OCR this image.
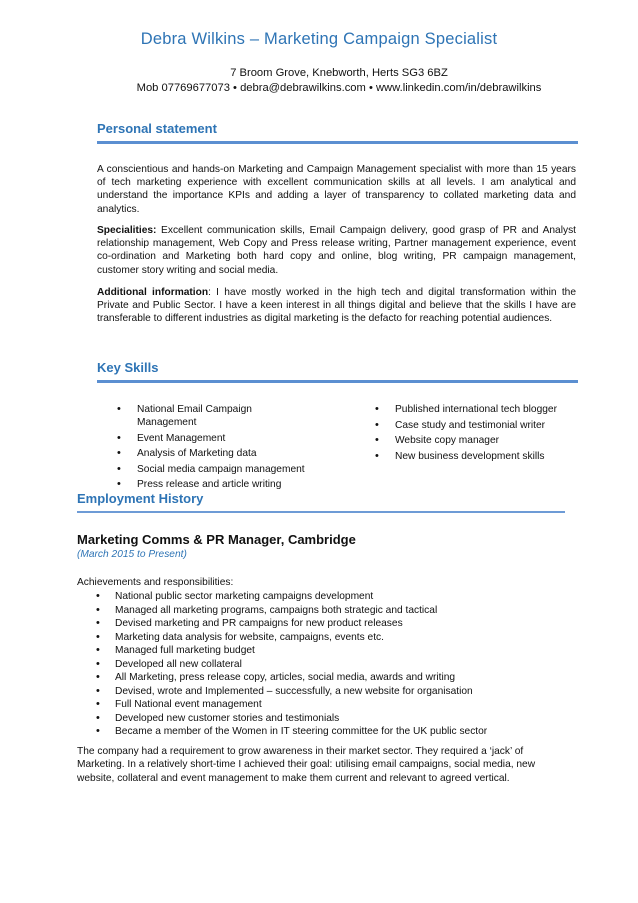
Debra Wilkins – Marketing Campaign Specialist
7 Broom Grove, Knebworth, Herts SG3 6BZ
Mob 07769677073 • debra@debrawilkins.com • www.linkedin.com/in/debrawilkins
Personal statement
A conscientious and hands-on Marketing and Campaign Management specialist with more than 15 years of tech marketing experience with excellent communication skills at all levels. I am analytical and understand the importance KPIs and adding a layer of transparency to collated marketing data and analytics.
Specialities: Excellent communication skills, Email Campaign delivery, good grasp of PR and Analyst relationship management, Web Copy and Press release writing, Partner management experience, event co-ordination and Marketing both hard copy and online, blog writing, PR campaign management, customer story writing and social media.
Additional information: I have mostly worked in the high tech and digital transformation within the Private and Public Sector. I have a keen interest in all things digital and believe that the skills I have are transferable to different industries as digital marketing is the defacto for reaching potential audiences.
Key Skills
• National Email Campaign Management
• Event Management
• Analysis of Marketing data
• Social media campaign management
• Press release and article writing
• Published international tech blogger
• Case study and testimonial writer
• Website copy manager
• New business development skills
Employment History
Marketing Comms & PR Manager, Cambridge
(March 2015 to Present)
Achievements and responsibilities:
• National public sector marketing campaigns development
• Managed all marketing programs, campaigns both strategic and tactical
• Devised marketing and PR campaigns for new product releases
• Marketing data analysis for website, campaigns, events etc.
• Managed full marketing budget
• Developed all new collateral
• All Marketing, press release copy, articles, social media, awards and writing
• Devised, wrote and Implemented – successfully, a new website for organisation
• Full National event management
• Developed new customer stories and testimonials
• Became a member of the Women in IT steering committee for the UK public sector
The company had a requirement to grow awareness in their market sector. They required a ‘jack’ of Marketing. In a relatively short-time I achieved their goal: utilising email campaigns, social media, new website, collateral and event management to make them current and relevant to agreed vertical.
